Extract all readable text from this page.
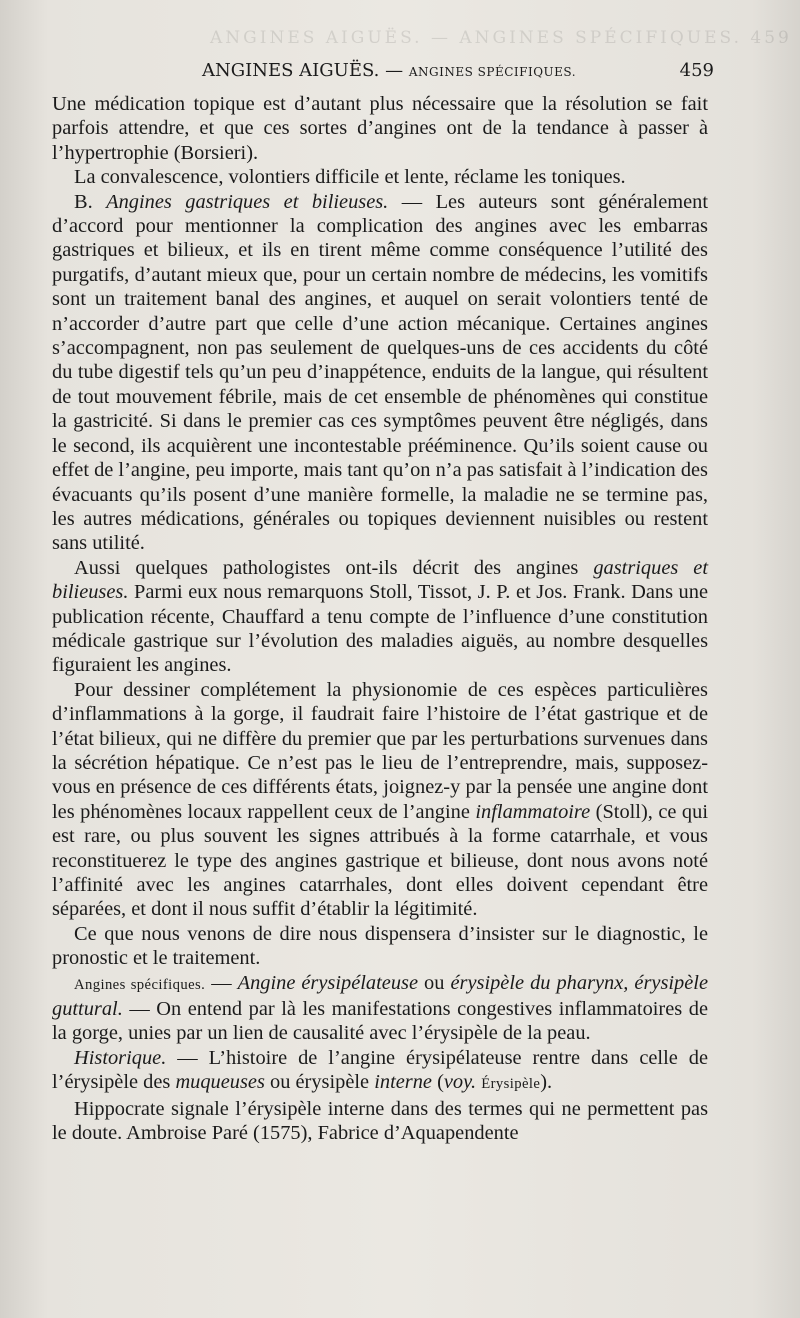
ANGINES AIGUËS. — ANGINES SPÉCIFIQUES. 459
ANGINES AIGUËS. — ANGINES SPÉCIFIQUES.	459

Une médication topique est d’autant plus nécessaire que la résolution se fait parfois attendre, et que ces sortes d’angines ont de la tendance à passer à l’hypertrophie (Borsieri).

La convalescence, volontiers difficile et lente, réclame les toniques.

B. Angines gastriques et bilieuses. — Les auteurs sont généralement d’accord pour mentionner la complication des angines avec les embarras gastriques et bilieux, et ils en tirent même comme conséquence l’utilité des purgatifs, d’autant mieux que, pour un certain nombre de médecins, les vomitifs sont un traitement banal des angines, et auquel on serait volontiers tenté de n’accorder d’autre part que celle d’une action mécanique. Certaines angines s’accompagnent, non pas seulement de quelques-uns de ces accidents du côté du tube digestif tels qu’un peu d’inappétence, enduits de la langue, qui résultent de tout mouvement fébrile, mais de cet ensemble de phénomènes qui constitue la gastricité. Si dans le premier cas ces symptômes peuvent être négligés, dans le second, ils acquièrent une incontestable prééminence. Qu’ils soient cause ou effet de l’angine, peu importe, mais tant qu’on n’a pas satisfait à l’indication des évacuants qu’ils posent d’une manière formelle, la maladie ne se termine pas, les autres médications, générales ou topiques deviennent nuisibles ou restent sans utilité.

Aussi quelques pathologistes ont-ils décrit des angines gastriques et bilieuses. Parmi eux nous remarquons Stoll, Tissot, J. P. et Jos. Frank. Dans une publication récente, Chauffard a tenu compte de l’influence d’une constitution médicale gastrique sur l’évolution des maladies aiguës, au nombre desquelles figuraient les angines.

Pour dessiner complétement la physionomie de ces espèces particulières d’inflammations à la gorge, il faudrait faire l’histoire de l’état gastrique et de l’état bilieux, qui ne diffère du premier que par les perturbations survenues dans la sécrétion hépatique. Ce n’est pas le lieu de l’entreprendre, mais, supposez-vous en présence de ces différents états, joignez-y par la pensée une angine dont les phénomènes locaux rappellent ceux de l’angine inflammatoire (Stoll), ce qui est rare, ou plus souvent les signes attribués à la forme catarrhale, et vous reconstituerez le type des angines gastrique et bilieuse, dont nous avons noté l’affinité avec les angines catarrhales, dont elles doivent cependant être séparées, et dont il nous suffit d’établir la légitimité.

Ce que nous venons de dire nous dispensera d’insister sur le diagnostic, le pronostic et le traitement.

Angines spécifiques. — Angine érysipélateuse ou érysipèle du pharynx, érysipèle guttural. — On entend par là les manifestations congestives inflammatoires de la gorge, unies par un lien de causalité avec l’érysipèle de la peau.

Historique. — L’histoire de l’angine érysipélateuse rentre dans celle de l’érysipèle des muqueuses ou érysipèle interne (voy. Érysipèle).

Hippocrate signale l’érysipèle interne dans des termes qui ne permettent pas le doute. Ambroise Paré (1575), Fabrice d’Aquapendente
